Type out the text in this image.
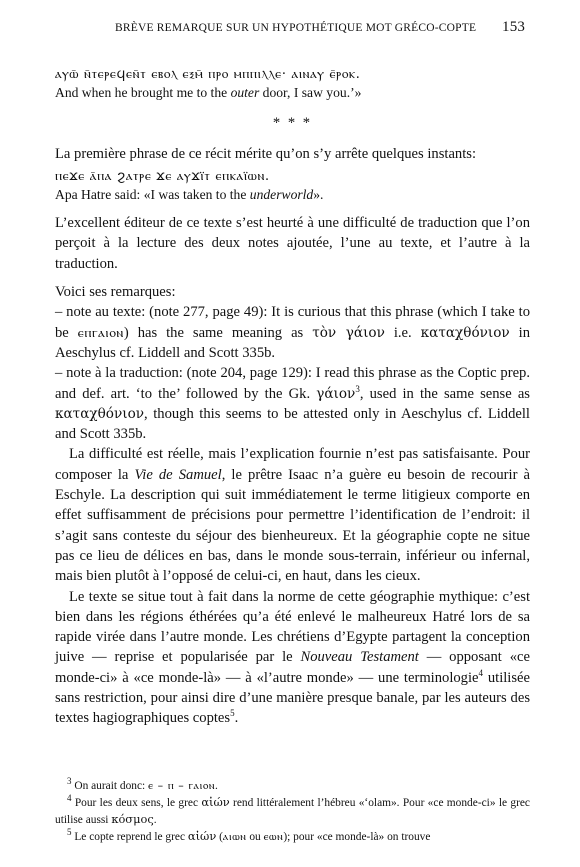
BRÈVE REMARQUE SUR UN HYPOTHÉTIQUE MOT GRÉCO-COPTE 153

ⲁⲩⲱ̄ ⲛ̄ⲧⲉⲣⲉϥⲉⲛ̄ⲧ ⲉⲃⲟⲗ ⲉⲝⲙ̄ ⲡⲣⲟ ⲙⲡⲡⲓⲗⲗⲉ· ⲁⲓⲛⲁⲩ ⲉ̄ⲣⲟⲕ.

And when he brought me to the outer door, I saw you.’»

* * *

La première phrase de ce récit mérite qu’on s’y arrête quelques instants:

ⲡⲉϫⲉ ⲁ̄ⲡⲁ ϩⲁⲧⲣⲉ ϫⲉ ⲁⲩϫⲓ̈ⲧ ⲉⲡⲕⲁⲓ̈ⲱⲛ.

Apa Hatre said: «I was taken to the underworld».

L’excellent éditeur de ce texte s’est heurté à une difficulté de traduction que l’on perçoit à la lecture des deux notes ajoutée, l’une au texte, et l’autre à la traduction.

Voici ses remarques:

– note au texte: (note 277, page 49): It is curious that this phrase (which I take to be ⲉⲡⲅⲁⲓⲟⲛ) has the same meaning as τὸν γάιον i.e. καταχθόνιον in Aeschylus cf. Liddell and Scott 335b.

– note à la traduction: (note 204, page 129): I read this phrase as the Coptic prep. and def. art. ‘to the’ followed by the Gk. γάιον$^3$, used in the same sense as καταχθόνιον, though this seems to be attested only in Aeschylus cf. Liddell and Scott 335b.

La difficulté est réelle, mais l’explication fournie n’est pas satisfaisante. Pour composer la Vie de Samuel, le prêtre Isaac n’a guère eu besoin de recourir à Eschyle. La description qui suit immédiatement le terme litigieux comporte en effet suffisamment de précisions pour permettre l’identification de l’endroit: il s’agit sans conteste du séjour des bienheureux. Et la géographie copte ne situe pas ce lieu de délices en bas, dans le monde sous-terrain, inférieur ou infernal, mais bien plutôt à l’opposé de celui-ci, en haut, dans les cieux.

Le texte se situe tout à fait dans la norme de cette géographie mythique: c’est bien dans les régions éthérées qu’a été enlevé le malheureux Hatré lors de sa rapide virée dans l’autre monde. Les chrétiens d’Egypte partagent la conception juive — reprise et popularisée par le Nouveau Testament — opposant «ce monde-ci» à «ce monde-là» — à «l’autre monde» — une terminologie$^4$ utilisée sans restriction, pour ainsi dire d’une manière presque banale, par les auteurs des textes hagiographiques coptes$^5$.

$^3$ On aurait donc: ⲉ – ⲡ – ⲅⲁⲓⲟⲛ.

$^4$ Pour les deux sens, le grec αἰών rend littéralement l’hébreu «‘olam». Pour «ce monde-ci» le grec utilise aussi κόσμος.

$^5$ Le copte reprend le grec αἰών (ⲁⲓⲱⲛ ou ⲉⲱⲛ); pour «ce monde-là» on trouve
